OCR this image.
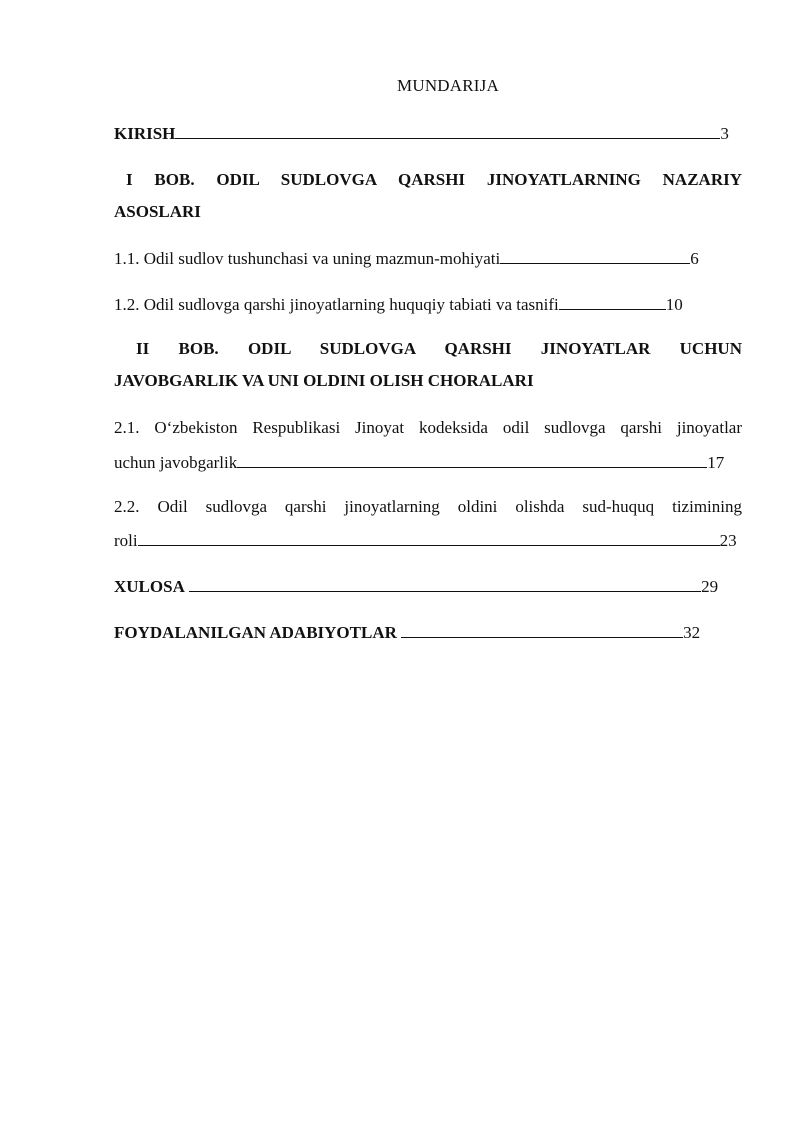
MUNDARIJA
KIRISH	3
I BOB. ODIL SUDLOVGA QARSHI JINOYATLARNING NAZARIY
ASOSLARI
1.1. Odil sudlov tushunchasi va uning mazmun-mohiyati	6
1.2. Odil sudlovga qarshi jinoyatlarning huquqiy tabiati va tasnifi	10
II BOB. ODIL SUDLOVGA QARSHI JINOYATLAR UCHUN
JAVOBGARLIK VA UNI OLDINI OLISH CHORALARI
2.1. O‘zbekiston Respublikasi Jinoyat kodeksida odil sudlovga qarshi jinoyatlar
uchun javobgarlik	17
2.2. Odil sudlovga qarshi jinoyatlarning oldini olishda sud-huquq tizimining
roli	23
XULOSA	29
FOYDALANILGAN ADABIYOTLAR	32
